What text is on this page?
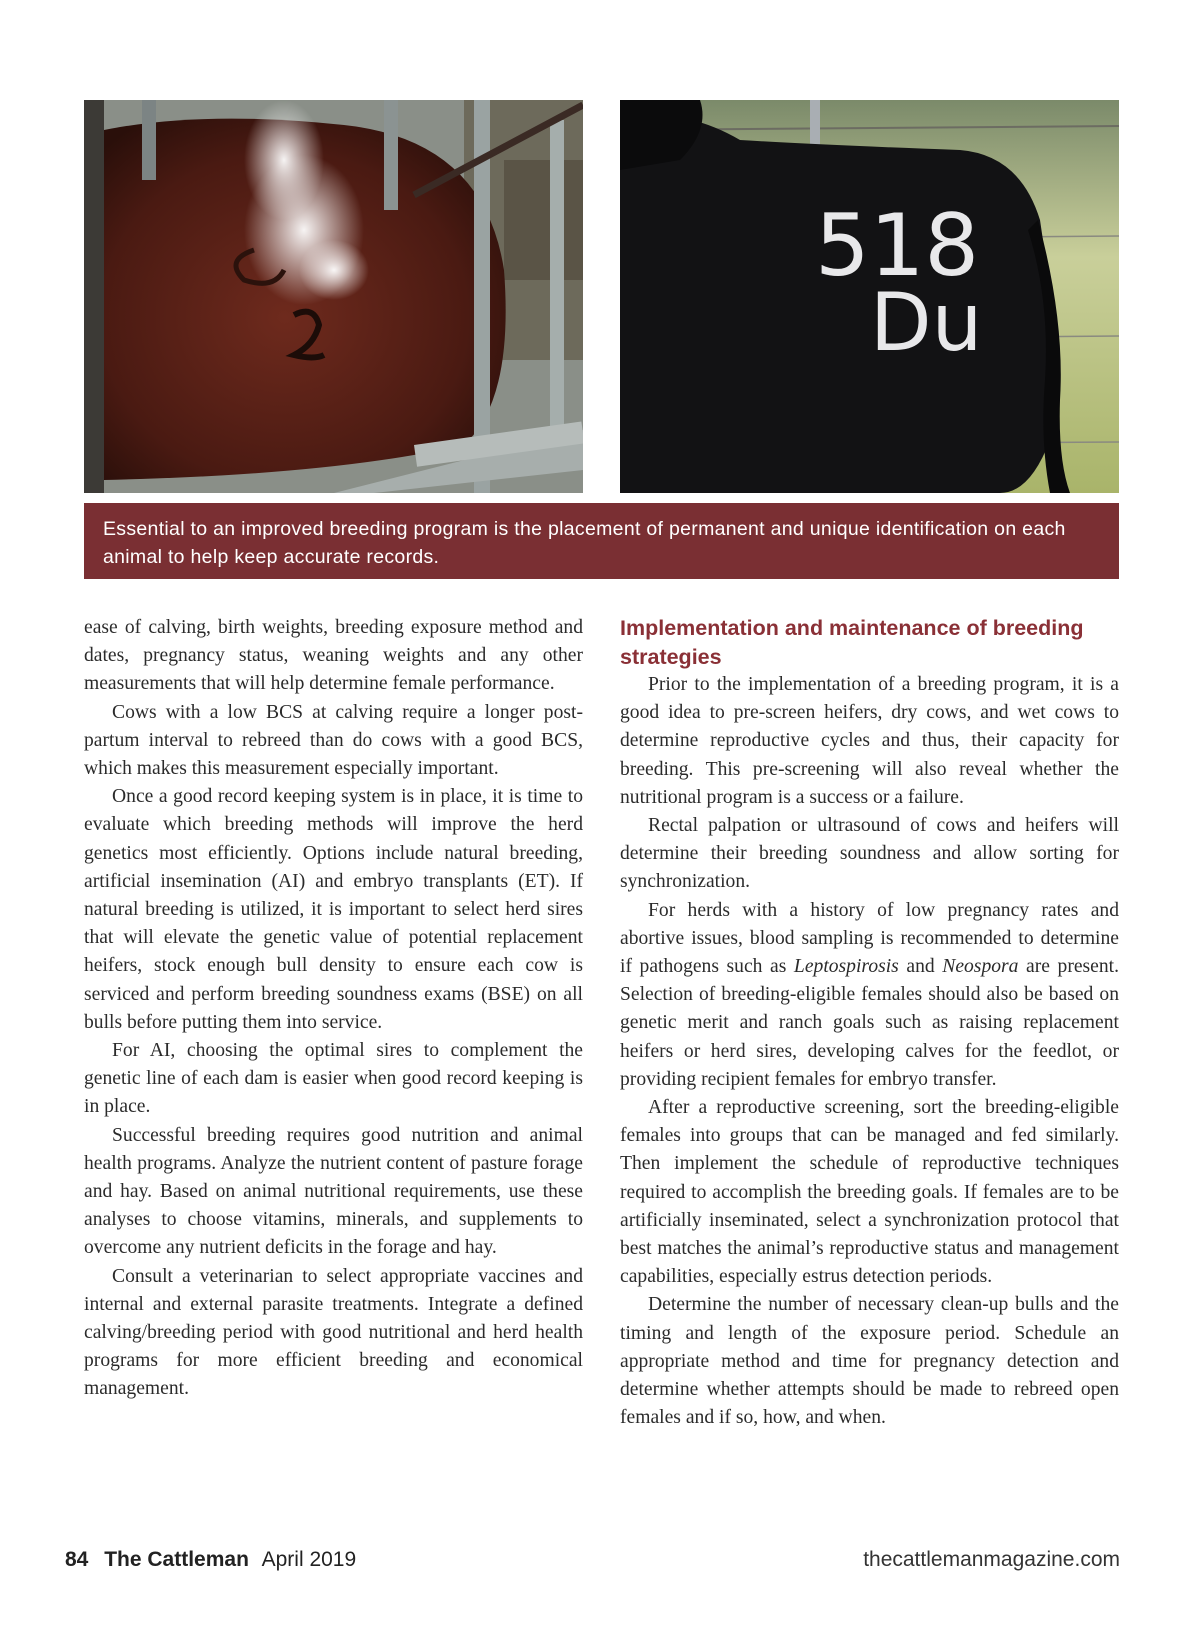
518
Du
Essential to an improved breeding program is the placement of permanent and unique identification on each animal to help keep accurate records.

ease of calving, birth weights, breeding exposure method and dates, pregnancy status, weaning weights and any other measurements that will help determine female performance.

Cows with a low BCS at calving require a longer post-partum interval to rebreed than do cows with a good BCS, which makes this measurement especially important.

Once a good record keeping system is in place, it is time to evaluate which breeding methods will improve the herd genetics most efficiently. Options include natural breeding, artificial insemination (AI) and embryo transplants (ET). If natural breeding is utilized, it is important to select herd sires that will elevate the genetic value of potential replacement heifers, stock enough bull density to ensure each cow is serviced and perform breeding soundness exams (BSE) on all bulls before putting them into service.

For AI, choosing the optimal sires to complement the genetic line of each dam is easier when good record keeping is in place.

Successful breeding requires good nutrition and animal health programs. Analyze the nutrient content of pasture forage and hay. Based on animal nutritional requirements, use these analyses to choose vitamins, minerals, and supplements to overcome any nutrient deficits in the forage and hay.

Consult a veterinarian to select appropriate vaccines and internal and external parasite treatments. Integrate a defined calving/breeding period with good nutritional and herd health programs for more efficient breeding and economical management.

Implementation and maintenance of breeding strategies

Prior to the implementation of a breeding program, it is a good idea to pre-screen heifers, dry cows, and wet cows to determine reproductive cycles and thus, their capacity for breeding. This pre-screening will also reveal whether the nutritional program is a success or a failure.

Rectal palpation or ultrasound of cows and heifers will determine their breeding soundness and allow sorting for synchronization.

For herds with a history of low pregnancy rates and abortive issues, blood sampling is recommended to determine if pathogens such as Leptospirosis and Neospora are present. Selection of breeding-eligible females should also be based on genetic merit and ranch goals such as raising replacement heifers or herd sires, developing calves for the feedlot, or providing recipient females for embryo transfer.

After a reproductive screening, sort the breeding-eligible females into groups that can be managed and fed similarly. Then implement the schedule of reproductive techniques required to accomplish the breeding goals. If females are to be artificially inseminated, select a synchronization protocol that best matches the animal’s reproductive status and management capabilities, especially estrus detection periods.

Determine the number of necessary clean-up bulls and the timing and length of the exposure period. Schedule an appropriate method and time for pregnancy detection and determine whether attempts should be made to rebreed open females and if so, how, and when.

84 The Cattleman April 2019	thecattlemanmagazine.com
